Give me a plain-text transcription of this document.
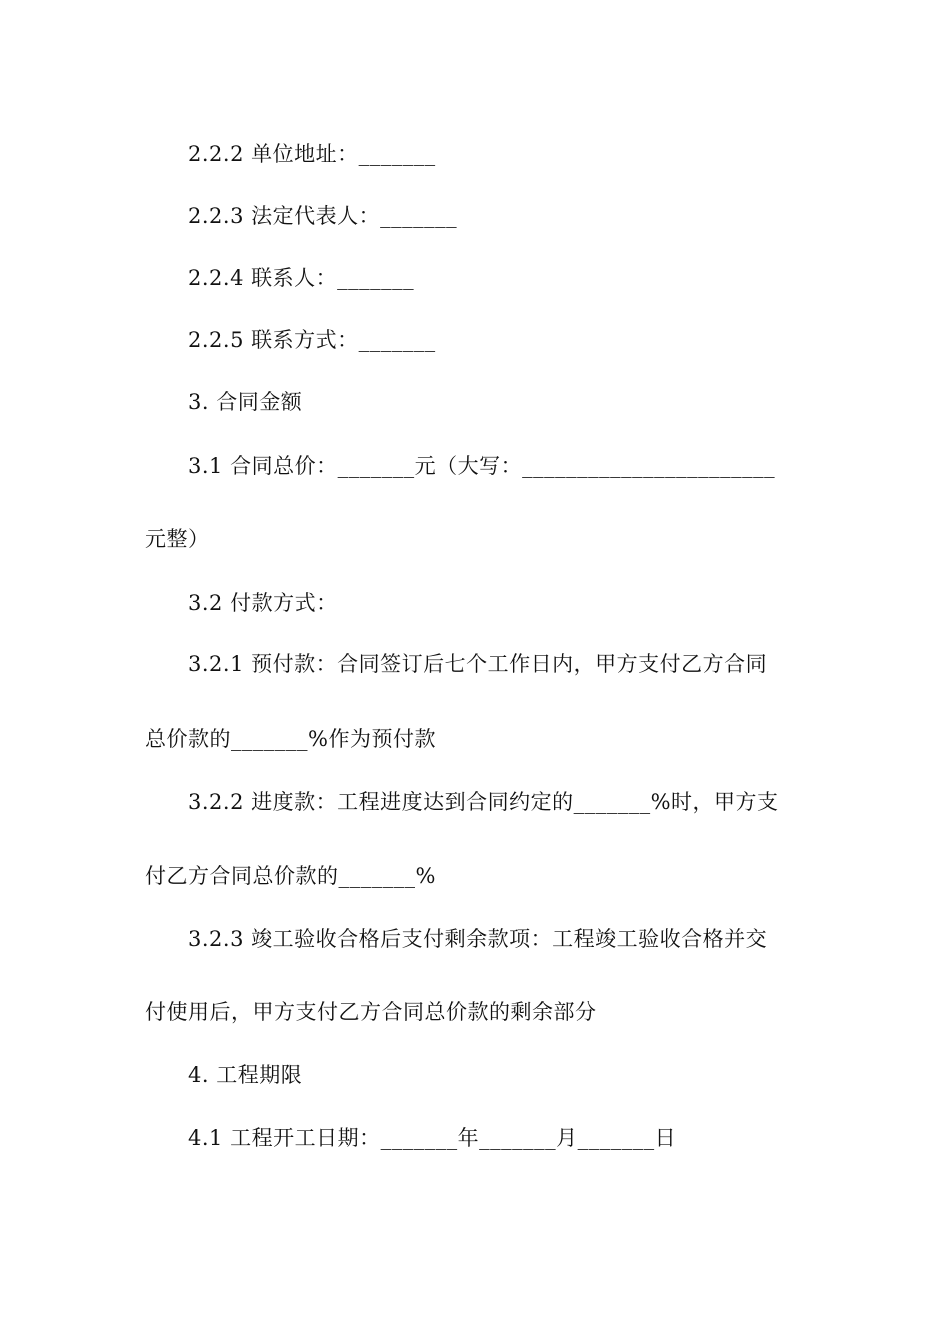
2.2.2 单位地址：_______
2.2.3 法定代表人：_______
2.2.4 联系人：_______
2.2.5 联系方式：_______
3. 合同金额
3.1 合同总价：_______元（大写：_______________________
元整）
3.2 付款方式：
3.2.1 预付款：合同签订后七个工作日内，甲方支付乙方合同
总价款的_______%作为预付款
3.2.2 进度款：工程进度达到合同约定的_______%时，甲方支
付乙方合同总价款的_______%
3.2.3 竣工验收合格后支付剩余款项：工程竣工验收合格并交
付使用后，甲方支付乙方合同总价款的剩余部分
4. 工程期限
4.1 工程开工日期：_______年_______月_______日
